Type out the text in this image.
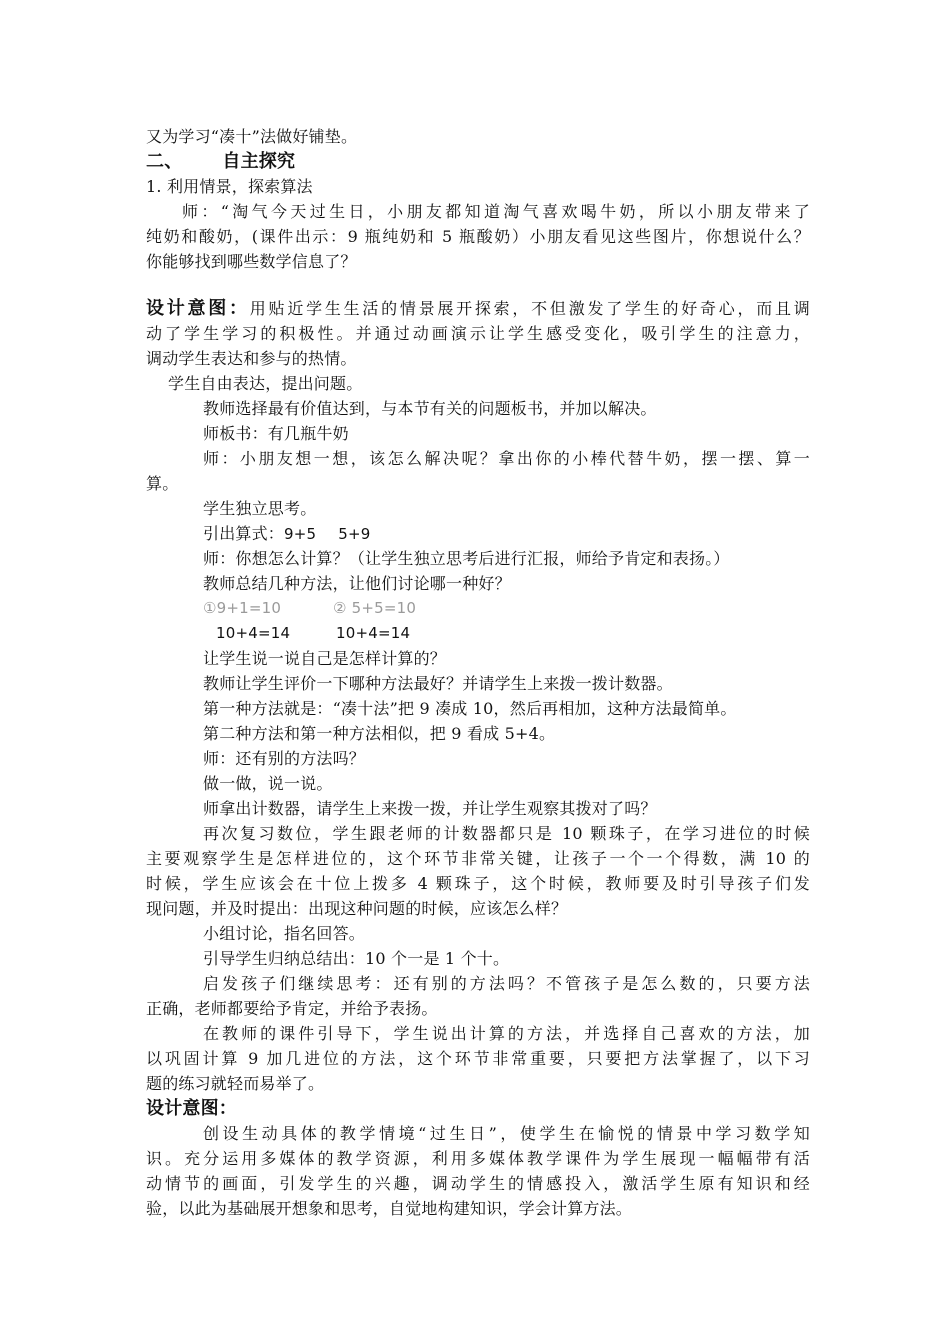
又为学习“凑十”法做好铺垫。
二、 自主探究
1. 利用情景，探索算法
师：“淘气今天过生日，小朋友都知道淘气喜欢喝牛奶，所以小朋友带来了
纯奶和酸奶，(课件出示：9 瓶纯奶和 5 瓶酸奶）小朋友看见这些图片，你想说什么？
你能够找到哪些数学信息了？
设计意图：用贴近学生生活的情景展开探索，不但激发了学生的好奇心，而且调
动了学生学习的积极性。并通过动画演示让学生感受变化，吸引学生的注意力，
调动学生表达和参与的热情。
学生自由表达，提出问题。
教师选择最有价值达到，与本节有关的问题板书，并加以解决。
师板书：有几瓶牛奶
师：小朋友想一想，该怎么解决呢？拿出你的小棒代替牛奶，摆一摆、算一
算。
学生独立思考。
引出算式：9+5 5+9
师：你想怎么计算？（让学生独立思考后进行汇报，师给予肯定和表扬。）
教师总结几种方法，让他们讨论哪一种好？
①9+1=10	② 5+5=10
10+4=14	10+4=14
让学生说一说自己是怎样计算的？
教师让学生评价一下哪种方法最好？并请学生上来拨一拨计数器。
第一种方法就是：“凑十法”把 9 凑成 10，然后再相加，这种方法最简单。
第二种方法和第一种方法相似，把 9 看成 5+4。
师：还有别的方法吗？
做一做，说一说。
师拿出计数器，请学生上来拨一拨，并让学生观察其拨对了吗？
再次复习数位，学生跟老师的计数器都只是 10 颗珠子，在学习进位的时候
主要观察学生是怎样进位的，这个环节非常关键，让孩子一个一个得数，满 10 的
时候，学生应该会在十位上拨多 4 颗珠子，这个时候，教师要及时引导孩子们发
现问题，并及时提出：出现这种问题的时候，应该怎么样？
小组讨论，指名回答。
引导学生归纳总结出：10 个一是 1 个十。
启发孩子们继续思考：还有别的方法吗？不管孩子是怎么数的，只要方法
正确，老师都要给予肯定，并给予表扬。
在教师的课件引导下，学生说出计算的方法，并选择自己喜欢的方法，加
以巩固计算 9 加几进位的方法，这个环节非常重要，只要把方法掌握了，以下习
题的练习就轻而易举了。
设计意图：
创设生动具体的教学情境“过生日”，使学生在愉悦的情景中学习数学知
识。充分运用多媒体的教学资源，利用多媒体教学课件为学生展现一幅幅带有活
动情节的画面，引发学生的兴趣，调动学生的情感投入，激活学生原有知识和经
验，以此为基础展开想象和思考，自觉地构建知识，学会计算方法。
